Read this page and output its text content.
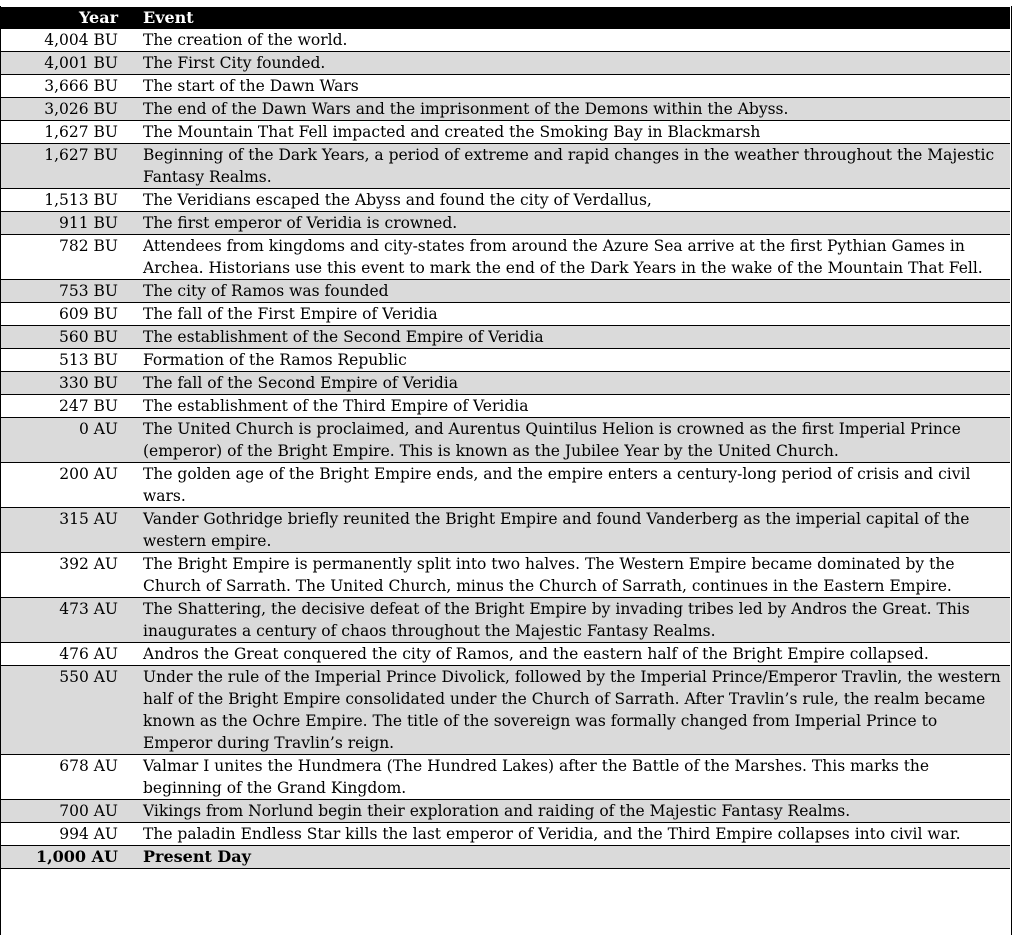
Year	Event
4,004 BU	The creation of the world.
4,001 BU	The First City founded.
3,666 BU	The start of the Dawn Wars
3,026 BU	The end of the Dawn Wars and the imprisonment of the Demons within the Abyss.
1,627 BU	The Mountain That Fell impacted and created the Smoking Bay in Blackmarsh
1,627 BU	Beginning of the Dark Years, a period of extreme and rapid changes in the weather throughout the Majestic Fantasy Realms.
1,513 BU	The Veridians escaped the Abyss and found the city of Verdallus,
911 BU	The first emperor of Veridia is crowned.
782 BU	Attendees from kingdoms and city-states from around the Azure Sea arrive at the first Pythian Games in Archea. Historians use this event to mark the end of the Dark Years in the wake of the Mountain That Fell.
753 BU	The city of Ramos was founded
609 BU	The fall of the First Empire of Veridia
560 BU	The establishment of the Second Empire of Veridia
513 BU	Formation of the Ramos Republic
330 BU	The fall of the Second Empire of Veridia
247 BU	The establishment of the Third Empire of Veridia
0 AU	The United Church is proclaimed, and Aurentus Quintilus Helion is crowned as the first Imperial Prince (emperor) of the Bright Empire. This is known as the Jubilee Year by the United Church.
200 AU	The golden age of the Bright Empire ends, and the empire enters a century-long period of crisis and civil wars.
315 AU	Vander Gothridge briefly reunited the Bright Empire and found Vanderberg as the imperial capital of the western empire.
392 AU	The Bright Empire is permanently split into two halves. The Western Empire became dominated by the Church of Sarrath. The United Church, minus the Church of Sarrath, continues in the Eastern Empire.
473 AU	The Shattering, the decisive defeat of the Bright Empire by invading tribes led by Andros the Great. This inaugurates a century of chaos throughout the Majestic Fantasy Realms.
476 AU	Andros the Great conquered the city of Ramos, and the eastern half of the Bright Empire collapsed.
550 AU	Under the rule of the Imperial Prince Divolick, followed by the Imperial Prince/Emperor Travlin, the western half of the Bright Empire consolidated under the Church of Sarrath. After Travlin’s rule, the realm became known as the Ochre Empire. The title of the sovereign was formally changed from Imperial Prince to Emperor during Travlin’s reign.
678 AU	Valmar I unites the Hundmera (The Hundred Lakes) after the Battle of the Marshes. This marks the beginning of the Grand Kingdom.
700 AU	Vikings from Norlund begin their exploration and raiding of the Majestic Fantasy Realms.
994 AU	The paladin Endless Star kills the last emperor of Veridia, and the Third Empire collapses into civil war.
1,000 AU	Present Day
